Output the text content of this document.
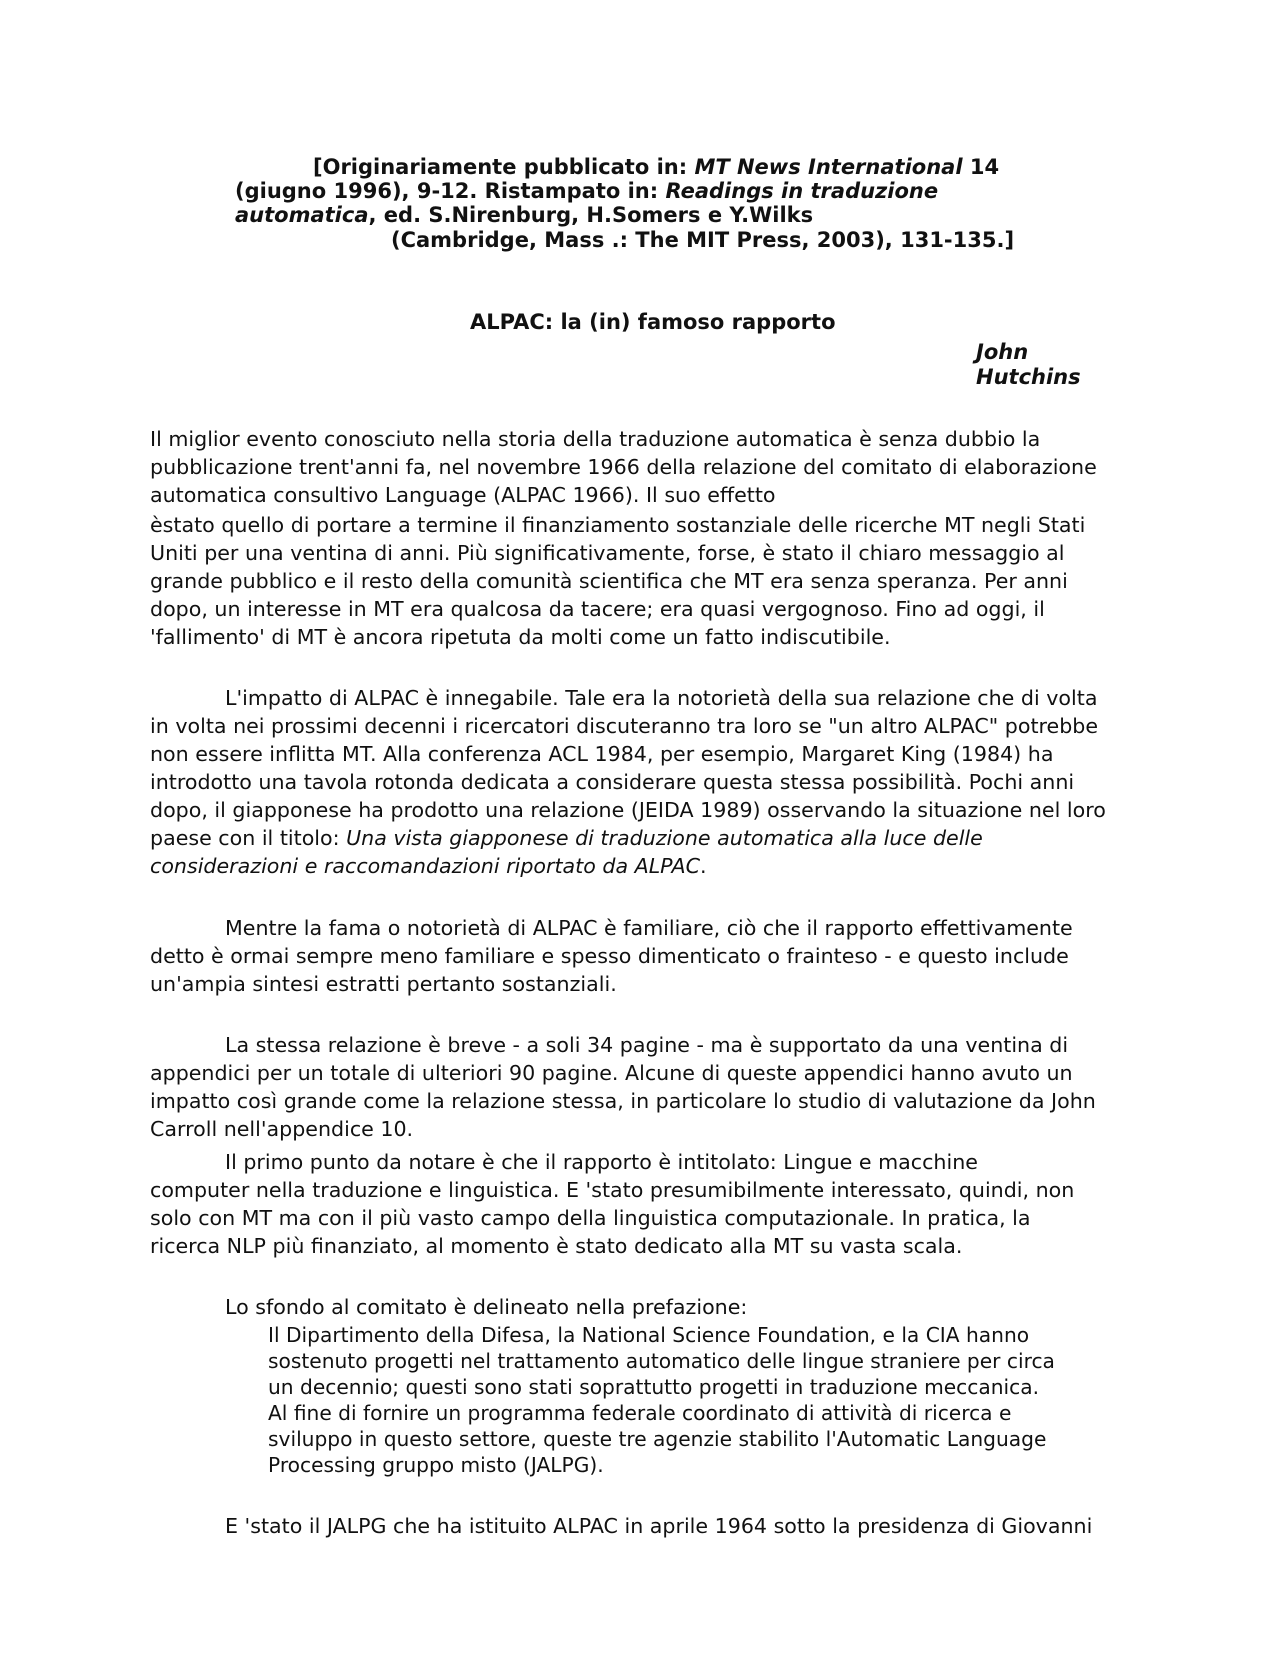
[Originariamente pubblicato in: MT News International 14
(giugno 1996), 9-12. Ristampato in: Readings in traduzione
automatica, ed. S.Nirenburg, H.Somers e Y.Wilks
(Cambridge, Mass .: The MIT Press, 2003), 131-135.]
ALPAC: la (in) famoso rapporto
John
Hutchins
Il miglior evento conosciuto nella storia della traduzione automatica è senza dubbio la
pubblicazione trent'anni fa, nel novembre 1966 della relazione del comitato di elaborazione
automatica consultivo Language (ALPAC 1966). Il suo effetto
èstato quello di portare a termine il finanziamento sostanziale delle ricerche MT negli Stati
Uniti per una ventina di anni. Più significativamente, forse, è stato il chiaro messaggio al
grande pubblico e il resto della comunità scientifica che MT era senza speranza. Per anni
dopo, un interesse in MT era qualcosa da tacere; era quasi vergognoso. Fino ad oggi, il
'fallimento' di MT è ancora ripetuta da molti come un fatto indiscutibile.
L'impatto di ALPAC è innegabile. Tale era la notorietà della sua relazione che di volta
in volta nei prossimi decenni i ricercatori discuteranno tra loro se "un altro ALPAC" potrebbe
non essere inflitta MT. Alla conferenza ACL 1984, per esempio, Margaret King (1984) ha
introdotto una tavola rotonda dedicata a considerare questa stessa possibilità. Pochi anni
dopo, il giapponese ha prodotto una relazione (JEIDA 1989) osservando la situazione nel loro
paese con il titolo: Una vista giapponese di traduzione automatica alla luce delle
considerazioni e raccomandazioni riportato da ALPAC.
Mentre la fama o notorietà di ALPAC è familiare, ciò che il rapporto effettivamente
detto è ormai sempre meno familiare e spesso dimenticato o frainteso - e questo include
un'ampia sintesi estratti pertanto sostanziali.
La stessa relazione è breve - a soli 34 pagine - ma è supportato da una ventina di
appendici per un totale di ulteriori 90 pagine. Alcune di queste appendici hanno avuto un
impatto così grande come la relazione stessa, in particolare lo studio di valutazione da John
Carroll nell'appendice 10.
Il primo punto da notare è che il rapporto è intitolato: Lingue e macchine
computer nella traduzione e linguistica. E 'stato presumibilmente interessato, quindi, non
solo con MT ma con il più vasto campo della linguistica computazionale. In pratica, la
ricerca NLP più finanziato, al momento è stato dedicato alla MT su vasta scala.
Lo sfondo al comitato è delineato nella prefazione:
Il Dipartimento della Difesa, la National Science Foundation, e la CIA hanno
sostenuto progetti nel trattamento automatico delle lingue straniere per circa
un decennio; questi sono stati soprattutto progetti in traduzione meccanica.
Al fine di fornire un programma federale coordinato di attività di ricerca e
sviluppo in questo settore, queste tre agenzie stabilito l'Automatic Language
Processing gruppo misto (JALPG).
E 'stato il JALPG che ha istituito ALPAC in aprile 1964 sotto la presidenza di Giovanni
